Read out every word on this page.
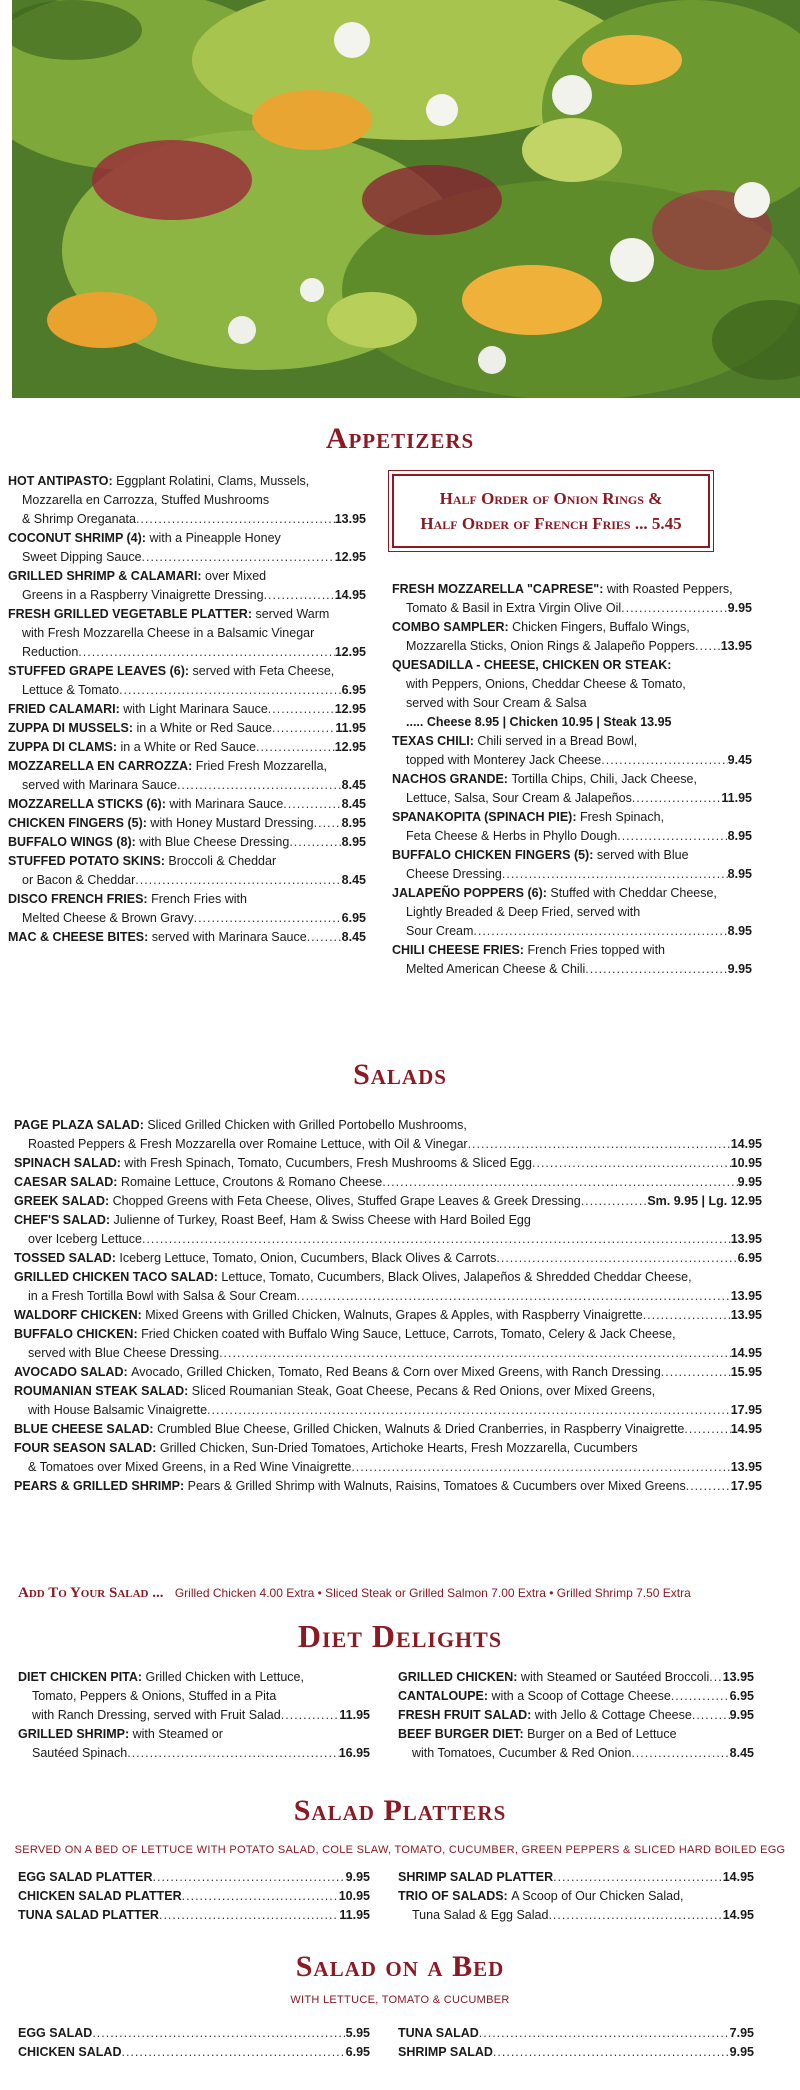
Appetizers
Half Order of Onion Rings &
Half Order of French Fries ... 5.45
HOT ANTIPASTO: Eggplant Rolatini, Clams, Mussels,
Mozzarella en Carrozza, Stuffed Mushrooms
& Shrimp Oreganata .....	13.95
COCONUT SHRIMP (4): with a Pineapple Honey
Sweet Dipping Sauce .....	12.95
GRILLED SHRIMP & CALAMARI: over Mixed
Greens in a Raspberry Vinaigrette Dressing .....	14.95
FRESH GRILLED VEGETABLE PLATTER: served Warm
with Fresh Mozzarella Cheese in a Balsamic Vinegar
Reduction .....	12.95
STUFFED GRAPE LEAVES (6): served with Feta Cheese,
Lettuce & Tomato .....	6.95
FRIED CALAMARI: with Light Marinara Sauce .....	12.95
ZUPPA DI MUSSELS: in a White or Red Sauce .....	11.95
ZUPPA DI CLAMS: in a White or Red Sauce .....	12.95
MOZZARELLA EN CARROZZA: Fried Fresh Mozzarella,
served with Marinara Sauce .....	8.45
MOZZARELLA STICKS (6): with Marinara Sauce .....	8.45
CHICKEN FINGERS (5): with Honey Mustard Dressing ..... 8.95
BUFFALO WINGS (8): with Blue Cheese Dressing .....	8.95
STUFFED POTATO SKINS: Broccoli & Cheddar
or Bacon & Cheddar .....	8.45
DISCO FRENCH FRIES: French Fries with
Melted Cheese & Brown Gravy .....	6.95
MAC & CHEESE BITES: served with Marinara Sauce .....	8.45
FRESH MOZZARELLA "CAPRESE": with Roasted Peppers,
Tomato & Basil in Extra Virgin Olive Oil .....	9.95
COMBO SAMPLER: Chicken Fingers, Buffalo Wings,
Mozzarella Sticks, Onion Rings & Jalapeño Poppers ..... 13.95
QUESADILLA - CHEESE, CHICKEN OR STEAK:
with Peppers, Onions, Cheddar Cheese & Tomato,
served with Sour Cream & Salsa
..... Cheese 8.95 | Chicken 10.95 | Steak 13.95
TEXAS CHILI: Chili served in a Bread Bowl,
topped with Monterey Jack Cheese .....	9.45
NACHOS GRANDE: Tortilla Chips, Chili, Jack Cheese,
Lettuce, Salsa, Sour Cream & Jalapeños .....	11.95
SPANAKOPITA (SPINACH PIE): Fresh Spinach,
Feta Cheese & Herbs in Phyllo Dough .....	8.95
BUFFALO CHICKEN FINGERS (5): served with Blue
Cheese Dressing .....	8.95
JALAPEÑO POPPERS (6): Stuffed with Cheddar Cheese,
Lightly Breaded & Deep Fried, served with
Sour Cream .....	8.95
CHILI CHEESE FRIES: French Fries topped with
Melted American Cheese & Chili .....	9.95
Salads
PAGE PLAZA SALAD: Sliced Grilled Chicken with Grilled Portobello Mushrooms,
Roasted Peppers & Fresh Mozzarella over Romaine Lettuce, with Oil & Vinegar .....	14.95
SPINACH SALAD: with Fresh Spinach, Tomato, Cucumbers, Fresh Mushrooms & Sliced Egg .....	10.95
CAESAR SALAD: Romaine Lettuce, Croutons & Romano Cheese .....	9.95
GREEK SALAD: Chopped Greens with Feta Cheese, Olives, Stuffed Grape Leaves & Greek Dressing .....	Sm. 9.95 | Lg. 12.95
CHEF'S SALAD: Julienne of Turkey, Roast Beef, Ham & Swiss Cheese with Hard Boiled Egg
over Iceberg Lettuce .....	13.95
TOSSED SALAD: Iceberg Lettuce, Tomato, Onion, Cucumbers, Black Olives & Carrots .....	6.95
GRILLED CHICKEN TACO SALAD: Lettuce, Tomato, Cucumbers, Black Olives, Jalapeños & Shredded Cheddar Cheese,
in a Fresh Tortilla Bowl with Salsa & Sour Cream .....	13.95
WALDORF CHICKEN: Mixed Greens with Grilled Chicken, Walnuts, Grapes & Apples, with Raspberry Vinaigrette .....	13.95
BUFFALO CHICKEN: Fried Chicken coated with Buffalo Wing Sauce, Lettuce, Carrots, Tomato, Celery & Jack Cheese,
served with Blue Cheese Dressing .....	14.95
AVOCADO SALAD: Avocado, Grilled Chicken, Tomato, Red Beans & Corn over Mixed Greens, with Ranch Dressing .....	15.95
ROUMANIAN STEAK SALAD: Sliced Roumanian Steak, Goat Cheese, Pecans & Red Onions, over Mixed Greens,
with House Balsamic Vinaigrette .....	17.95
BLUE CHEESE SALAD: Crumbled Blue Cheese, Grilled Chicken, Walnuts & Dried Cranberries, in Raspberry Vinaigrette .....	14.95
FOUR SEASON SALAD: Grilled Chicken, Sun-Dried Tomatoes, Artichoke Hearts, Fresh Mozzarella, Cucumbers
& Tomatoes over Mixed Greens, in a Red Wine Vinaigrette .....	13.95
PEARS & GRILLED SHRIMP: Pears & Grilled Shrimp with Walnuts, Raisins, Tomatoes & Cucumbers over Mixed Greens .....	17.95
Add To Your Salad ... Grilled Chicken 4.00 Extra • Sliced Steak or Grilled Salmon 7.00 Extra • Grilled Shrimp 7.50 Extra
Diet Delights
DIET CHICKEN PITA: Grilled Chicken with Lettuce,
Tomato, Peppers & Onions, Stuffed in a Pita
with Ranch Dressing, served with Fruit Salad .....	11.95
GRILLED SHRIMP: with Steamed or
Sautéed Spinach .....	16.95
GRILLED CHICKEN: with Steamed or Sautéed Broccoli ..... 13.95
CANTALOUPE: with a Scoop of Cottage Cheese .....	6.95
FRESH FRUIT SALAD: with Jello & Cottage Cheese .....	9.95
BEEF BURGER DIET: Burger on a Bed of Lettuce
with Tomatoes, Cucumber & Red Onion .....	8.45
Salad Platters
SERVED ON A BED OF LETTUCE WITH POTATO SALAD, COLE SLAW, TOMATO, CUCUMBER, GREEN PEPPERS & SLICED HARD BOILED EGG
EGG SALAD PLATTER .....	9.95
CHICKEN SALAD PLATTER .....	10.95
TUNA SALAD PLATTER .....	11.95
SHRIMP SALAD PLATTER .....	14.95
TRIO OF SALADS: A Scoop of Our Chicken Salad,
Tuna Salad & Egg Salad .....	14.95
Salad on a Bed
WITH LETTUCE, TOMATO & CUCUMBER
EGG SALAD .....	5.95
CHICKEN SALAD .....	6.95
TUNA SALAD .....	7.95
SHRIMP SALAD .....	9.95
